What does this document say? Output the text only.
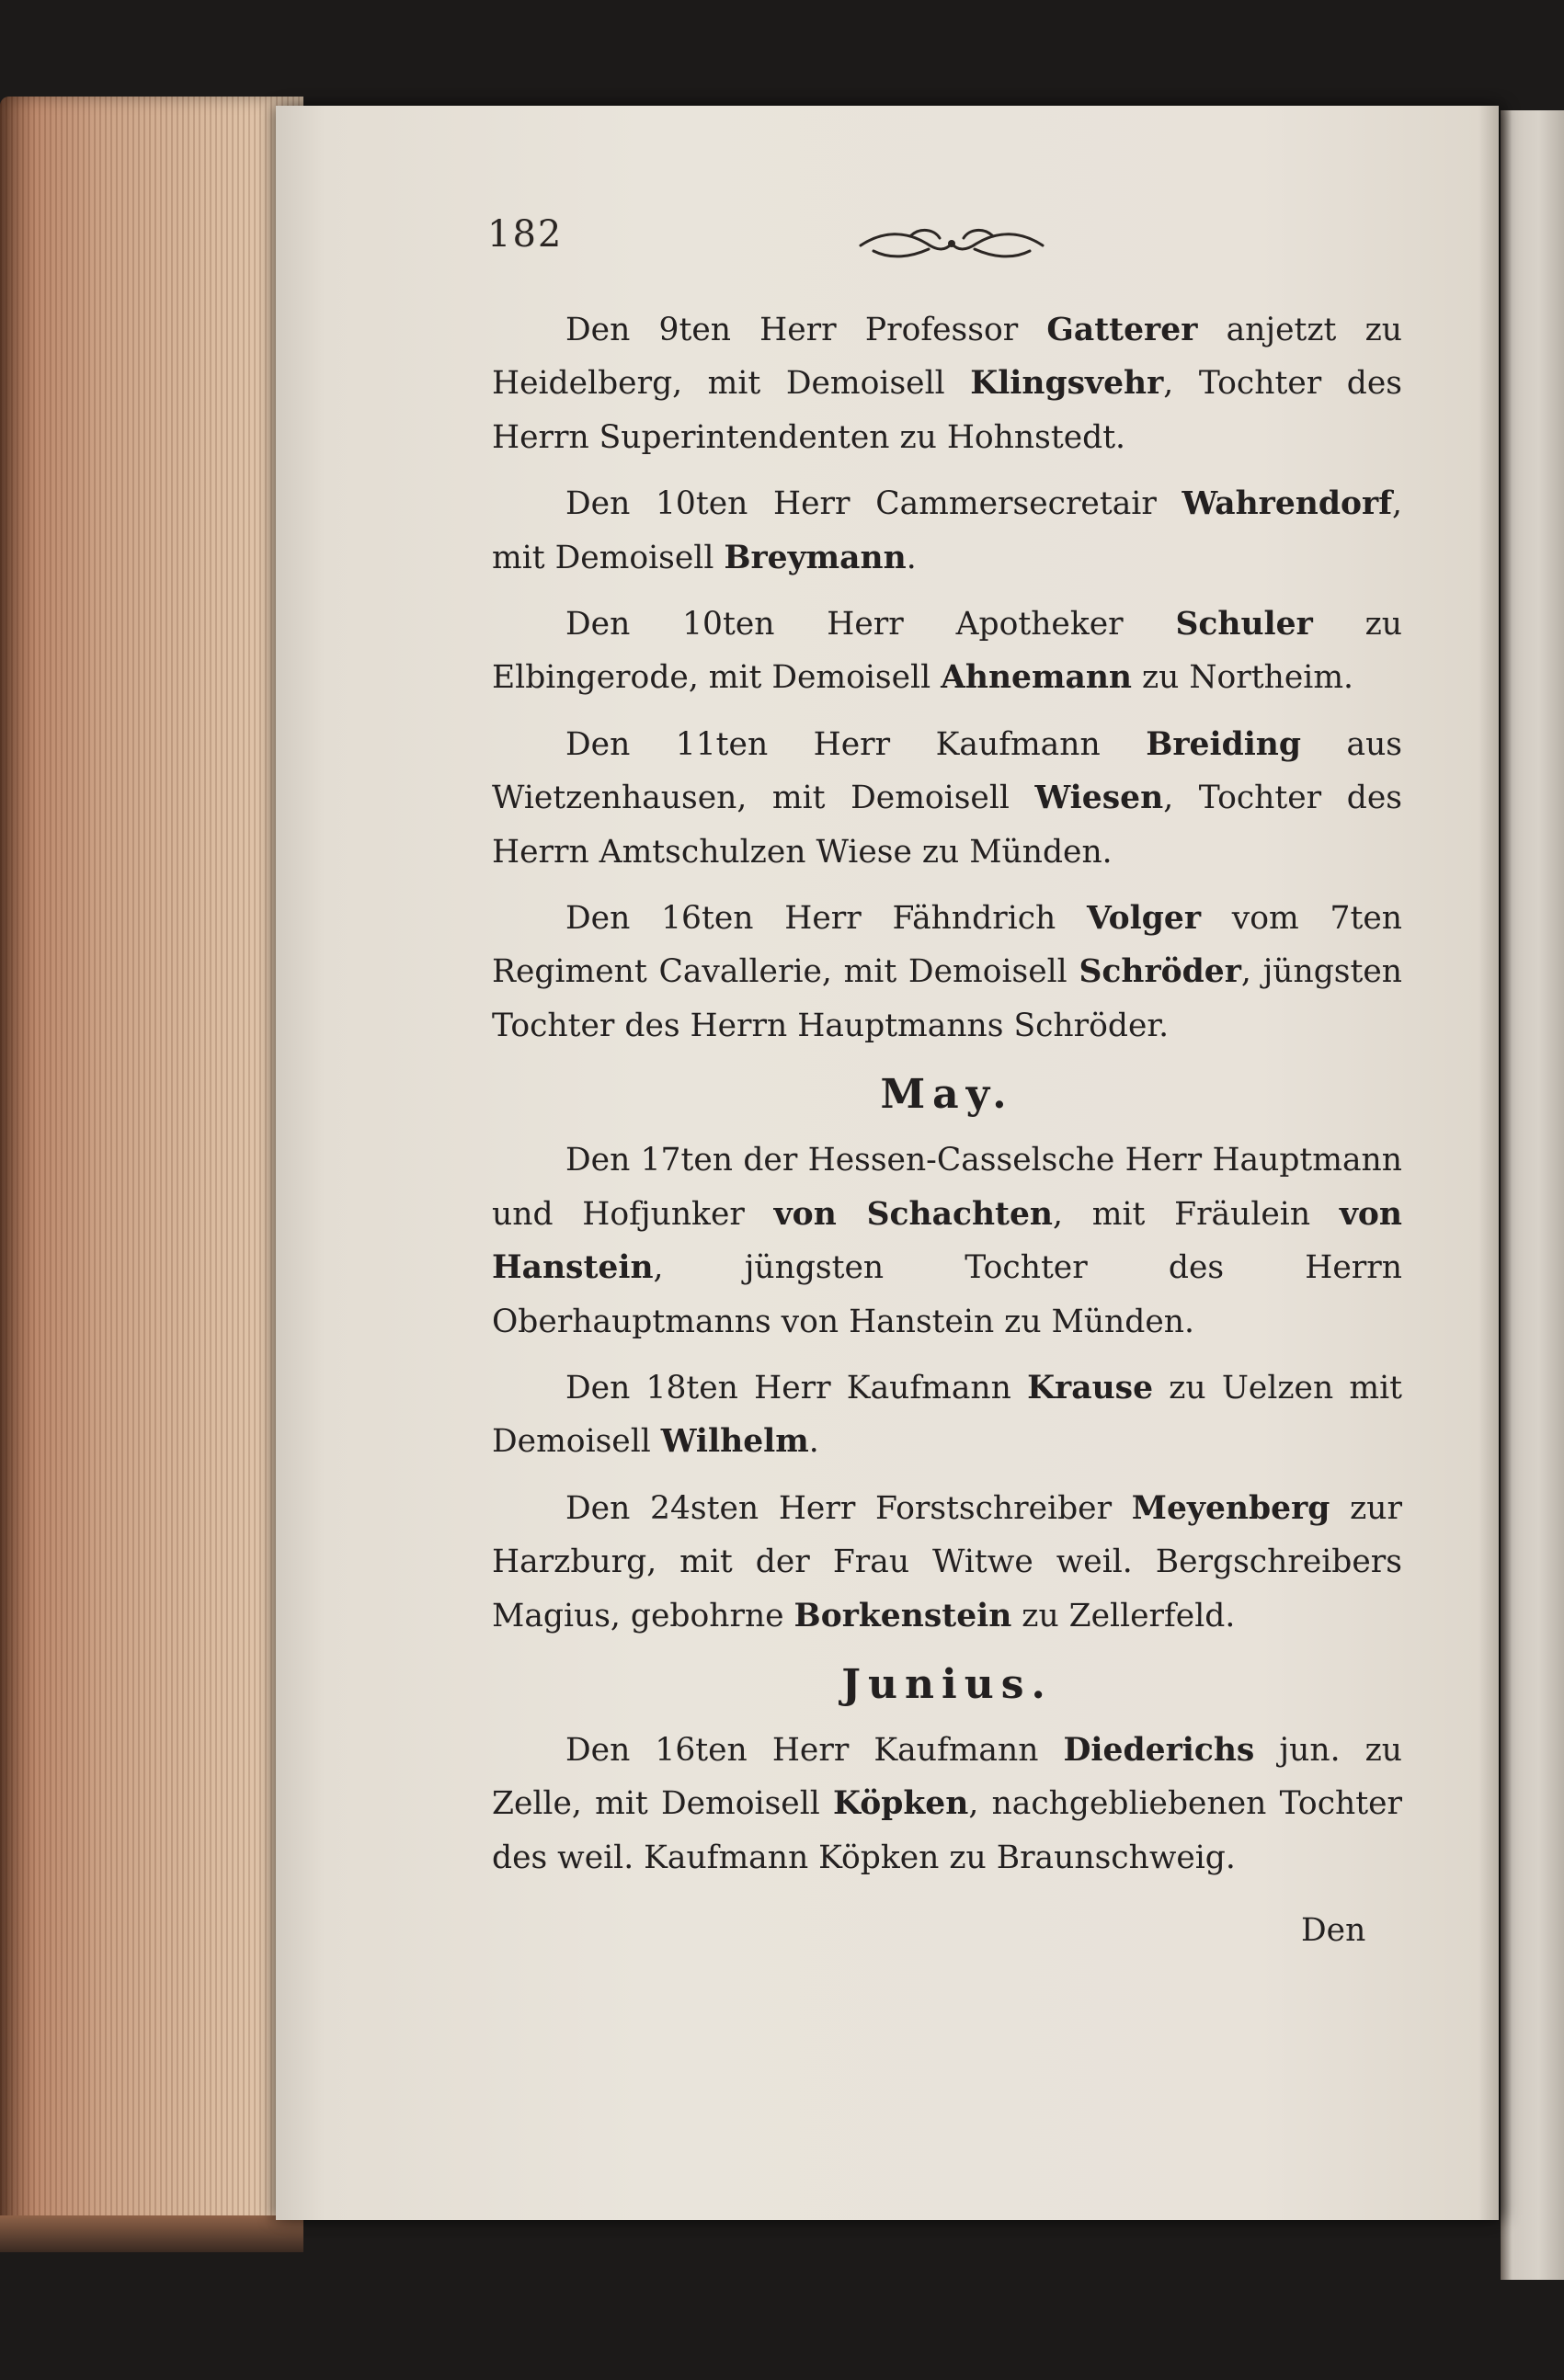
182

Den 9ten Herr Professor Gatterer anjetzt zu Heidelberg, mit Demoisell Klingsvehr, Tochter des Herrn Superintendenten zu Hohnstedt.

Den 10ten Herr Cammersecretair Wahrendorf, mit Demoisell Breymann.

Den 10ten Herr Apotheker Schuler zu Elbingerode, mit Demoisell Ahnemann zu Northeim.

Den 11ten Herr Kaufmann Breiding aus Wietzenhausen, mit Demoisell Wiesen, Tochter des Herrn Amtschulzen Wiese zu Münden.

Den 16ten Herr Fähndrich Volger vom 7ten Regiment Cavallerie, mit Demoisell Schröder, jüngsten Tochter des Herrn Hauptmanns Schröder.

May.

Den 17ten der Hessen-Casselsche Herr Hauptmann und Hofjunker von Schachten, mit Fräulein von Hanstein, jüngsten Tochter des Herrn Oberhauptmanns von Hanstein zu Münden.

Den 18ten Herr Kaufmann Krause zu Uelzen mit Demoisell Wilhelm.

Den 24sten Herr Forstschreiber Meyenberg zur Harzburg, mit der Frau Witwe weil. Bergschreibers Magius, gebohrne Borkenstein zu Zellerfeld.

Junius.

Den 16ten Herr Kaufmann Diederichs jun. zu Zelle, mit Demoisell Köpken, nachgebliebenen Tochter des weil. Kaufmann Köpken zu Braunschweig.

Den
